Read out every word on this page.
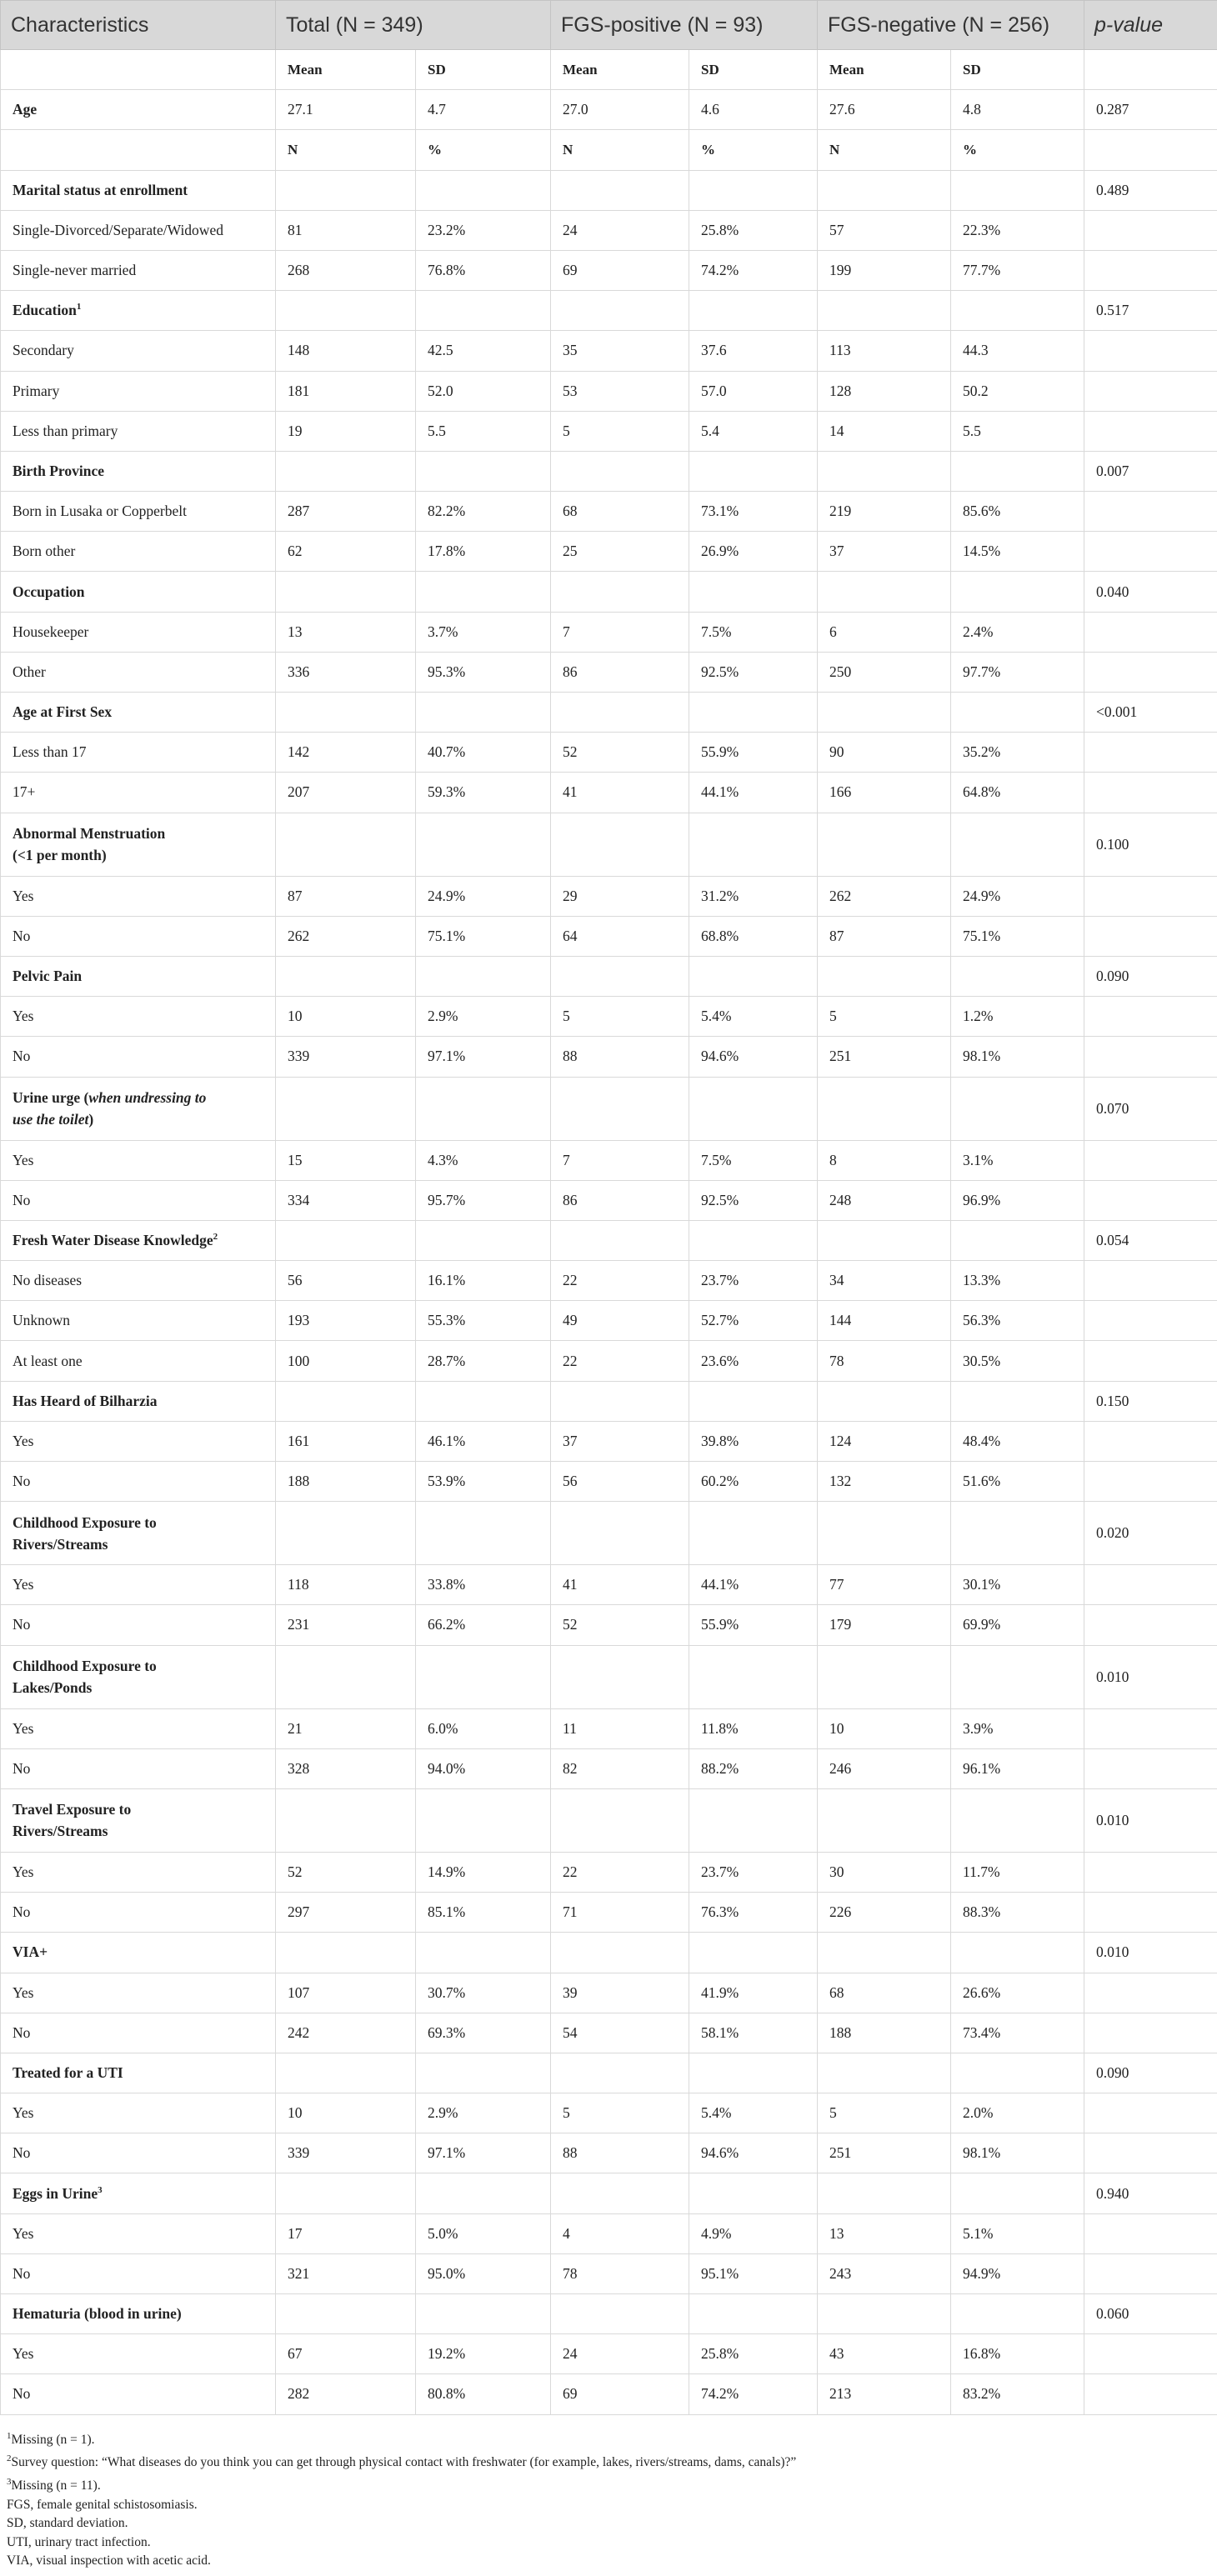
Characteristics	Total (N = 349)		FGS-positive (N = 93)		FGS-negative (N = 256)		p-value
	Mean	SD	Mean	SD	Mean	SD	
Age	27.1	4.7	27.0	4.6	27.6	4.8	0.287
	N	%	N	%	N	%	
Marital status at enrollment							0.489
Single-Divorced/Separate/Widowed	81	23.2%	24	25.8%	57	22.3%	
Single-never married	268	76.8%	69	74.2%	199	77.7%	
Education$^1$							0.517
Secondary	148	42.5	35	37.6	113	44.3	
Primary	181	52.0	53	57.0	128	50.2	
Less than primary	19	5.5	5	5.4	14	5.5	
Birth Province							0.007
Born in Lusaka or Copperbelt	287	82.2%	68	73.1%	219	85.6%	
Born other	62	17.8%	25	26.9%	37	14.5%	
Occupation							0.040
Housekeeper	13	3.7%	7	7.5%	6	2.4%	
Other	336	95.3%	86	92.5%	250	97.7%	
Age at First Sex							<0.001
Less than 17	142	40.7%	52	55.9%	90	35.2%	
17+	207	59.3%	41	44.1%	166	64.8%	
Abnormal Menstruation
(<1 per month)							0.100
Yes	87	24.9%	29	31.2%	262	24.9%	
No	262	75.1%	64	68.8%	87	75.1%	
Pelvic Pain							0.090
Yes	10	2.9%	5	5.4%	5	1.2%	
No	339	97.1%	88	94.6%	251	98.1%	
Urine urge (when undressing to
use the toilet)							0.070
Yes	15	4.3%	7	7.5%	8	3.1%	
No	334	95.7%	86	92.5%	248	96.9%	
Fresh Water Disease Knowledge$^2$							0.054
No diseases	56	16.1%	22	23.7%	34	13.3%	
Unknown	193	55.3%	49	52.7%	144	56.3%	
At least one	100	28.7%	22	23.6%	78	30.5%	
Has Heard of Bilharzia							0.150
Yes	161	46.1%	37	39.8%	124	48.4%	
No	188	53.9%	56	60.2%	132	51.6%	
Childhood Exposure to
Rivers/Streams							0.020
Yes	118	33.8%	41	44.1%	77	30.1%	
No	231	66.2%	52	55.9%	179	69.9%	
Childhood Exposure to
Lakes/Ponds							0.010
Yes	21	6.0%	11	11.8%	10	3.9%	
No	328	94.0%	82	88.2%	246	96.1%	
Travel Exposure to
Rivers/Streams							0.010
Yes	52	14.9%	22	23.7%	30	11.7%	
No	297	85.1%	71	76.3%	226	88.3%	
VIA+							0.010
Yes	107	30.7%	39	41.9%	68	26.6%	
No	242	69.3%	54	58.1%	188	73.4%	
Treated for a UTI							0.090
Yes	10	2.9%	5	5.4%	5	2.0%	
No	339	97.1%	88	94.6%	251	98.1%	
Eggs in Urine$^3$							0.940
Yes	17	5.0%	4	4.9%	13	5.1%	
No	321	95.0%	78	95.1%	243	94.9%	
Hematuria (blood in urine)							0.060
Yes	67	19.2%	24	25.8%	43	16.8%	
No	282	80.8%	69	74.2%	213	83.2%	
$^1$Missing (n = 1).
$^2$Survey question: “What diseases do you think you can get through physical contact with freshwater (for example, lakes, rivers/streams, dams, canals)?”
$^3$Missing (n = 11).
FGS, female genital schistosomiasis.
SD, standard deviation.
UTI, urinary tract infection.
VIA, visual inspection with acetic acid.
